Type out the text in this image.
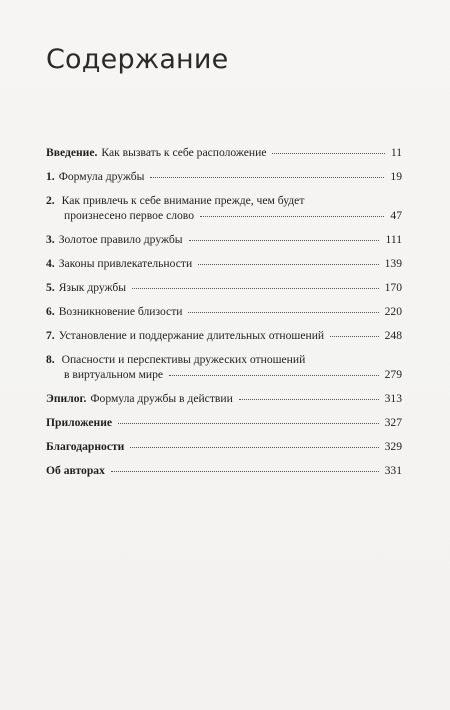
Содержание
Введение. Как вызвать к себе расположение	11
1. Формула дружбы	19
2. Как привлечь к себе внимание прежде, чем будет
произнесено первое слово	47
3. Золотое правило дружбы	111
4. Законы привлекательности	139
5. Язык дружбы	170
6. Возникновение близости	220
7. Установление и поддержание длительных отношений	248
8. Опасности и перспективы дружеских отношений
в виртуальном мире	279
Эпилог. Формула дружбы в действии	313
Приложение	327
Благодарности	329
Об авторах	331
